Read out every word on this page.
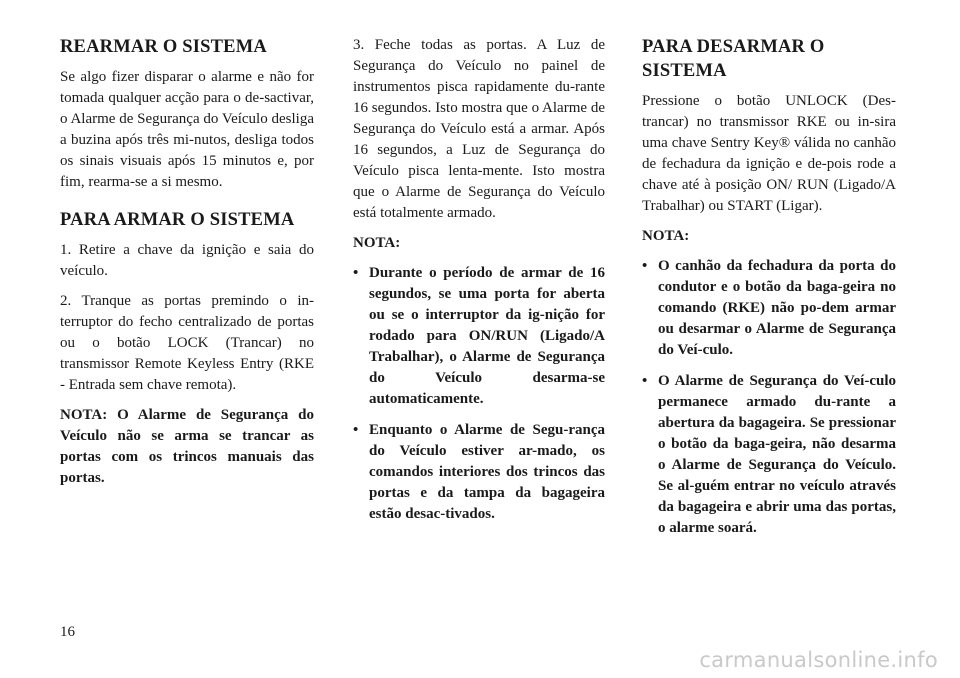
REARMAR O SISTEMA

Se algo fizer disparar o alarme e não for tomada qualquer acção para o de-sactivar, o Alarme de Segurança do Veículo desliga a buzina após três mi-nutos, desliga todos os sinais visuais após 15 minutos e, por fim, rearma-se a si mesmo.

PARA ARMAR O SISTEMA

1. Retire a chave da ignição e saia do veículo.

2. Tranque as portas premindo o in-terruptor do fecho centralizado de portas ou o botão LOCK (Trancar) no transmissor Remote Keyless Entry (RKE - Entrada sem chave remota).

NOTA: O Alarme de Segurança do Veículo não se arma se trancar as portas com os trincos manuais das portas.

3. Feche todas as portas. A Luz de Segurança do Veículo no painel de instrumentos pisca rapidamente du-rante 16 segundos. Isto mostra que o Alarme de Segurança do Veículo está a armar. Após 16 segundos, a Luz de Segurança do Veículo pisca lenta-mente. Isto mostra que o Alarme de Segurança do Veículo está totalmente armado.

NOTA:

• Durante o período de armar de 16 segundos, se uma porta for aberta ou se o interruptor da ig-nição for rodado para ON/RUN (Ligado/A Trabalhar), o Alarme de Segurança do Veículo desarma-se automaticamente.
• Enquanto o Alarme de Segu-rança do Veículo estiver ar-mado, os comandos interiores dos trincos das portas e da tampa da bagageira estão desac-tivados.
PARA DESARMAR O SISTEMA

Pressione o botão UNLOCK (Des-trancar) no transmissor RKE ou in-sira uma chave Sentry Key® válida no canhão de fechadura da ignição e de-pois rode a chave até à posição ON/ RUN (Ligado/A Trabalhar) ou START (Ligar).

NOTA:

• O canhão da fechadura da porta do condutor e o botão da baga-geira no comando (RKE) não po-dem armar ou desarmar o Alarme de Segurança do Veí-culo.
• O Alarme de Segurança do Veí-culo permanece armado du-rante a abertura da bagageira. Se pressionar o botão da baga-geira, não desarma o Alarme de Segurança do Veículo. Se al-guém entrar no veículo através da bagageira e abrir uma das portas, o alarme soará.
16
carmanualsonline.info
